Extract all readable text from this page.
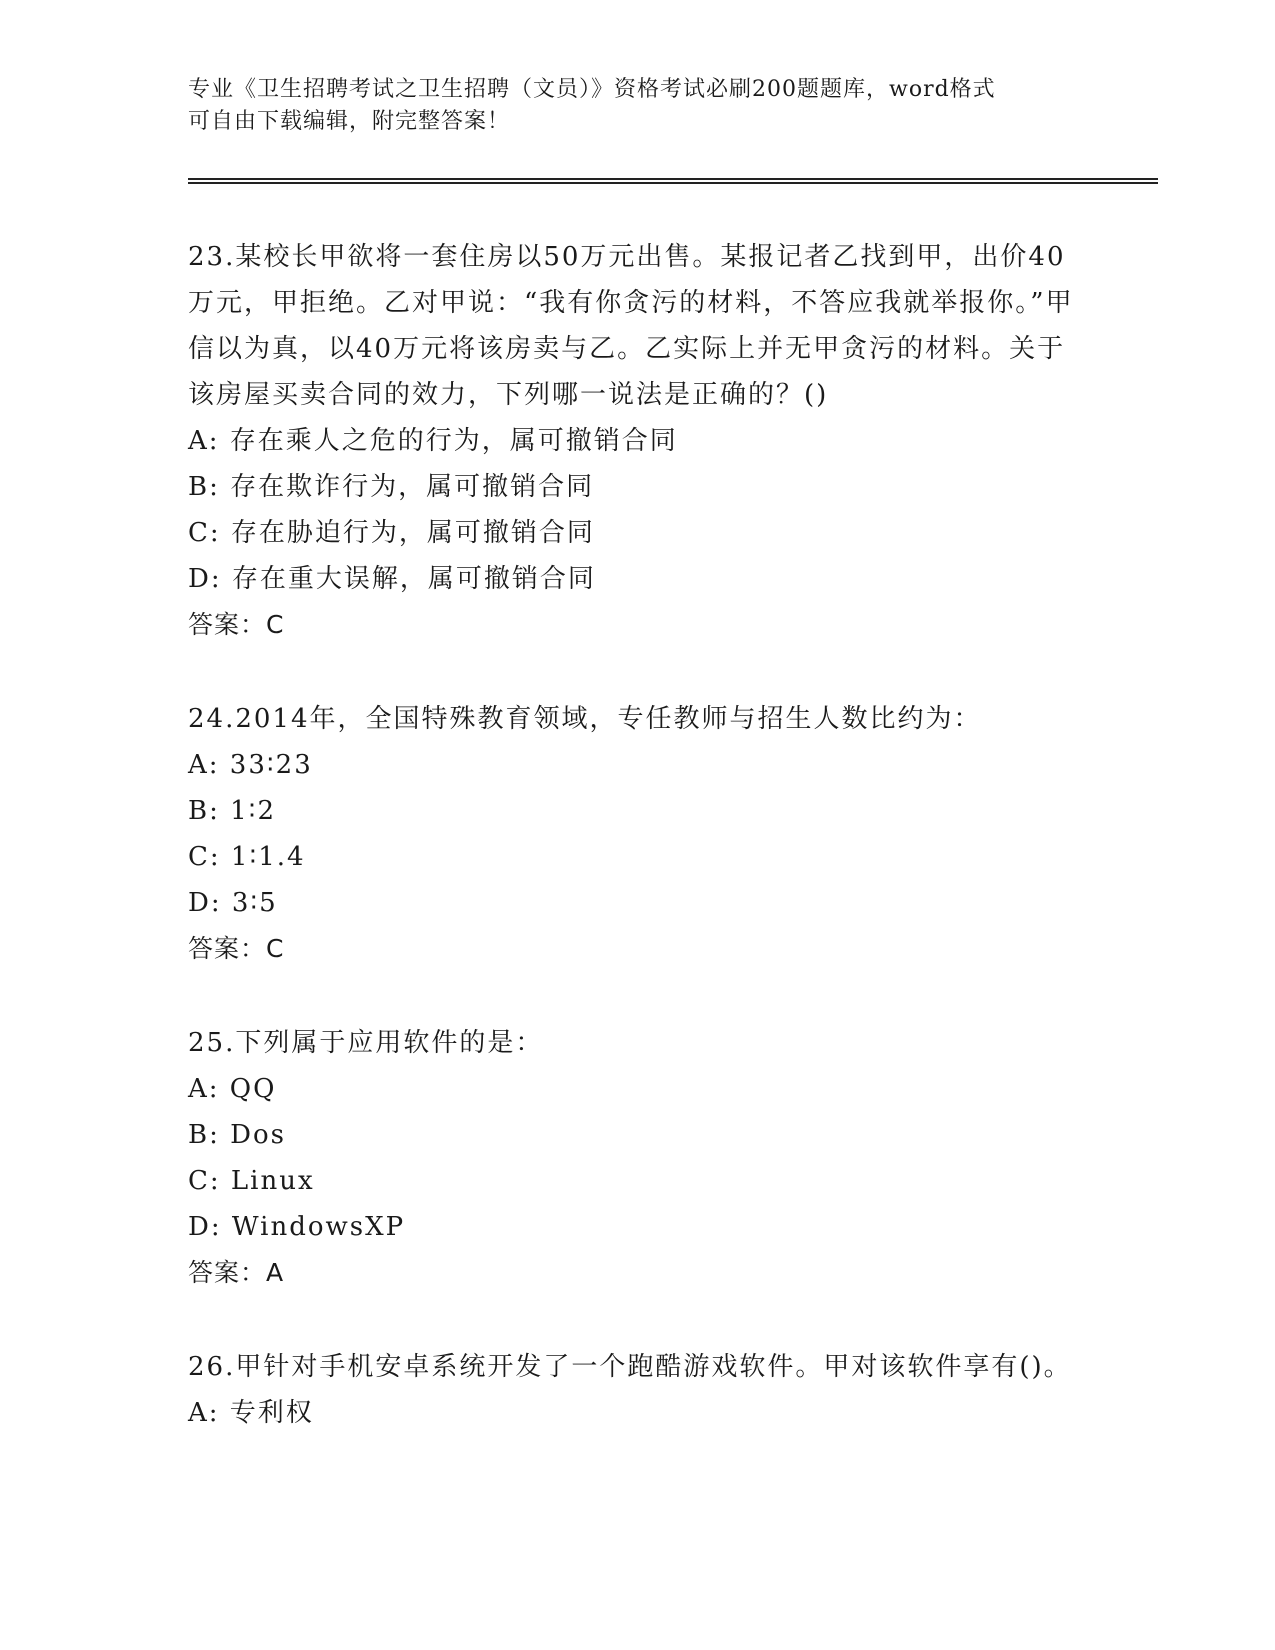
专业《卫生招聘考试之卫生招聘（文员）》资格考试必刷200题题库，word格式
可自由下载编辑，附完整答案！
23.某校长甲欲将一套住房以50万元出售。某报记者乙找到甲，出价40万元，甲拒绝。乙对甲说：“我有你贪污的材料，不答应我就举报你。”甲信以为真，以40万元将该房卖与乙。乙实际上并无甲贪污的材料。关于该房屋买卖合同的效力，下列哪一说法是正确的？()
A: 存在乘人之危的行为，属可撤销合同
B: 存在欺诈行为，属可撤销合同
C: 存在胁迫行为，属可撤销合同
D: 存在重大误解，属可撤销合同
答案：C
24.2014年，全国特殊教育领域，专任教师与招生人数比约为：
A: 33∶23
B: 1∶2
C: 1∶1.4
D: 3∶5
答案：C
25.下列属于应用软件的是：
A: QQ
B: Dos
C: Linux
D: WindowsXP
答案：A
26.甲针对手机安卓系统开发了一个跑酷游戏软件。甲对该软件享有()。
A: 专利权
